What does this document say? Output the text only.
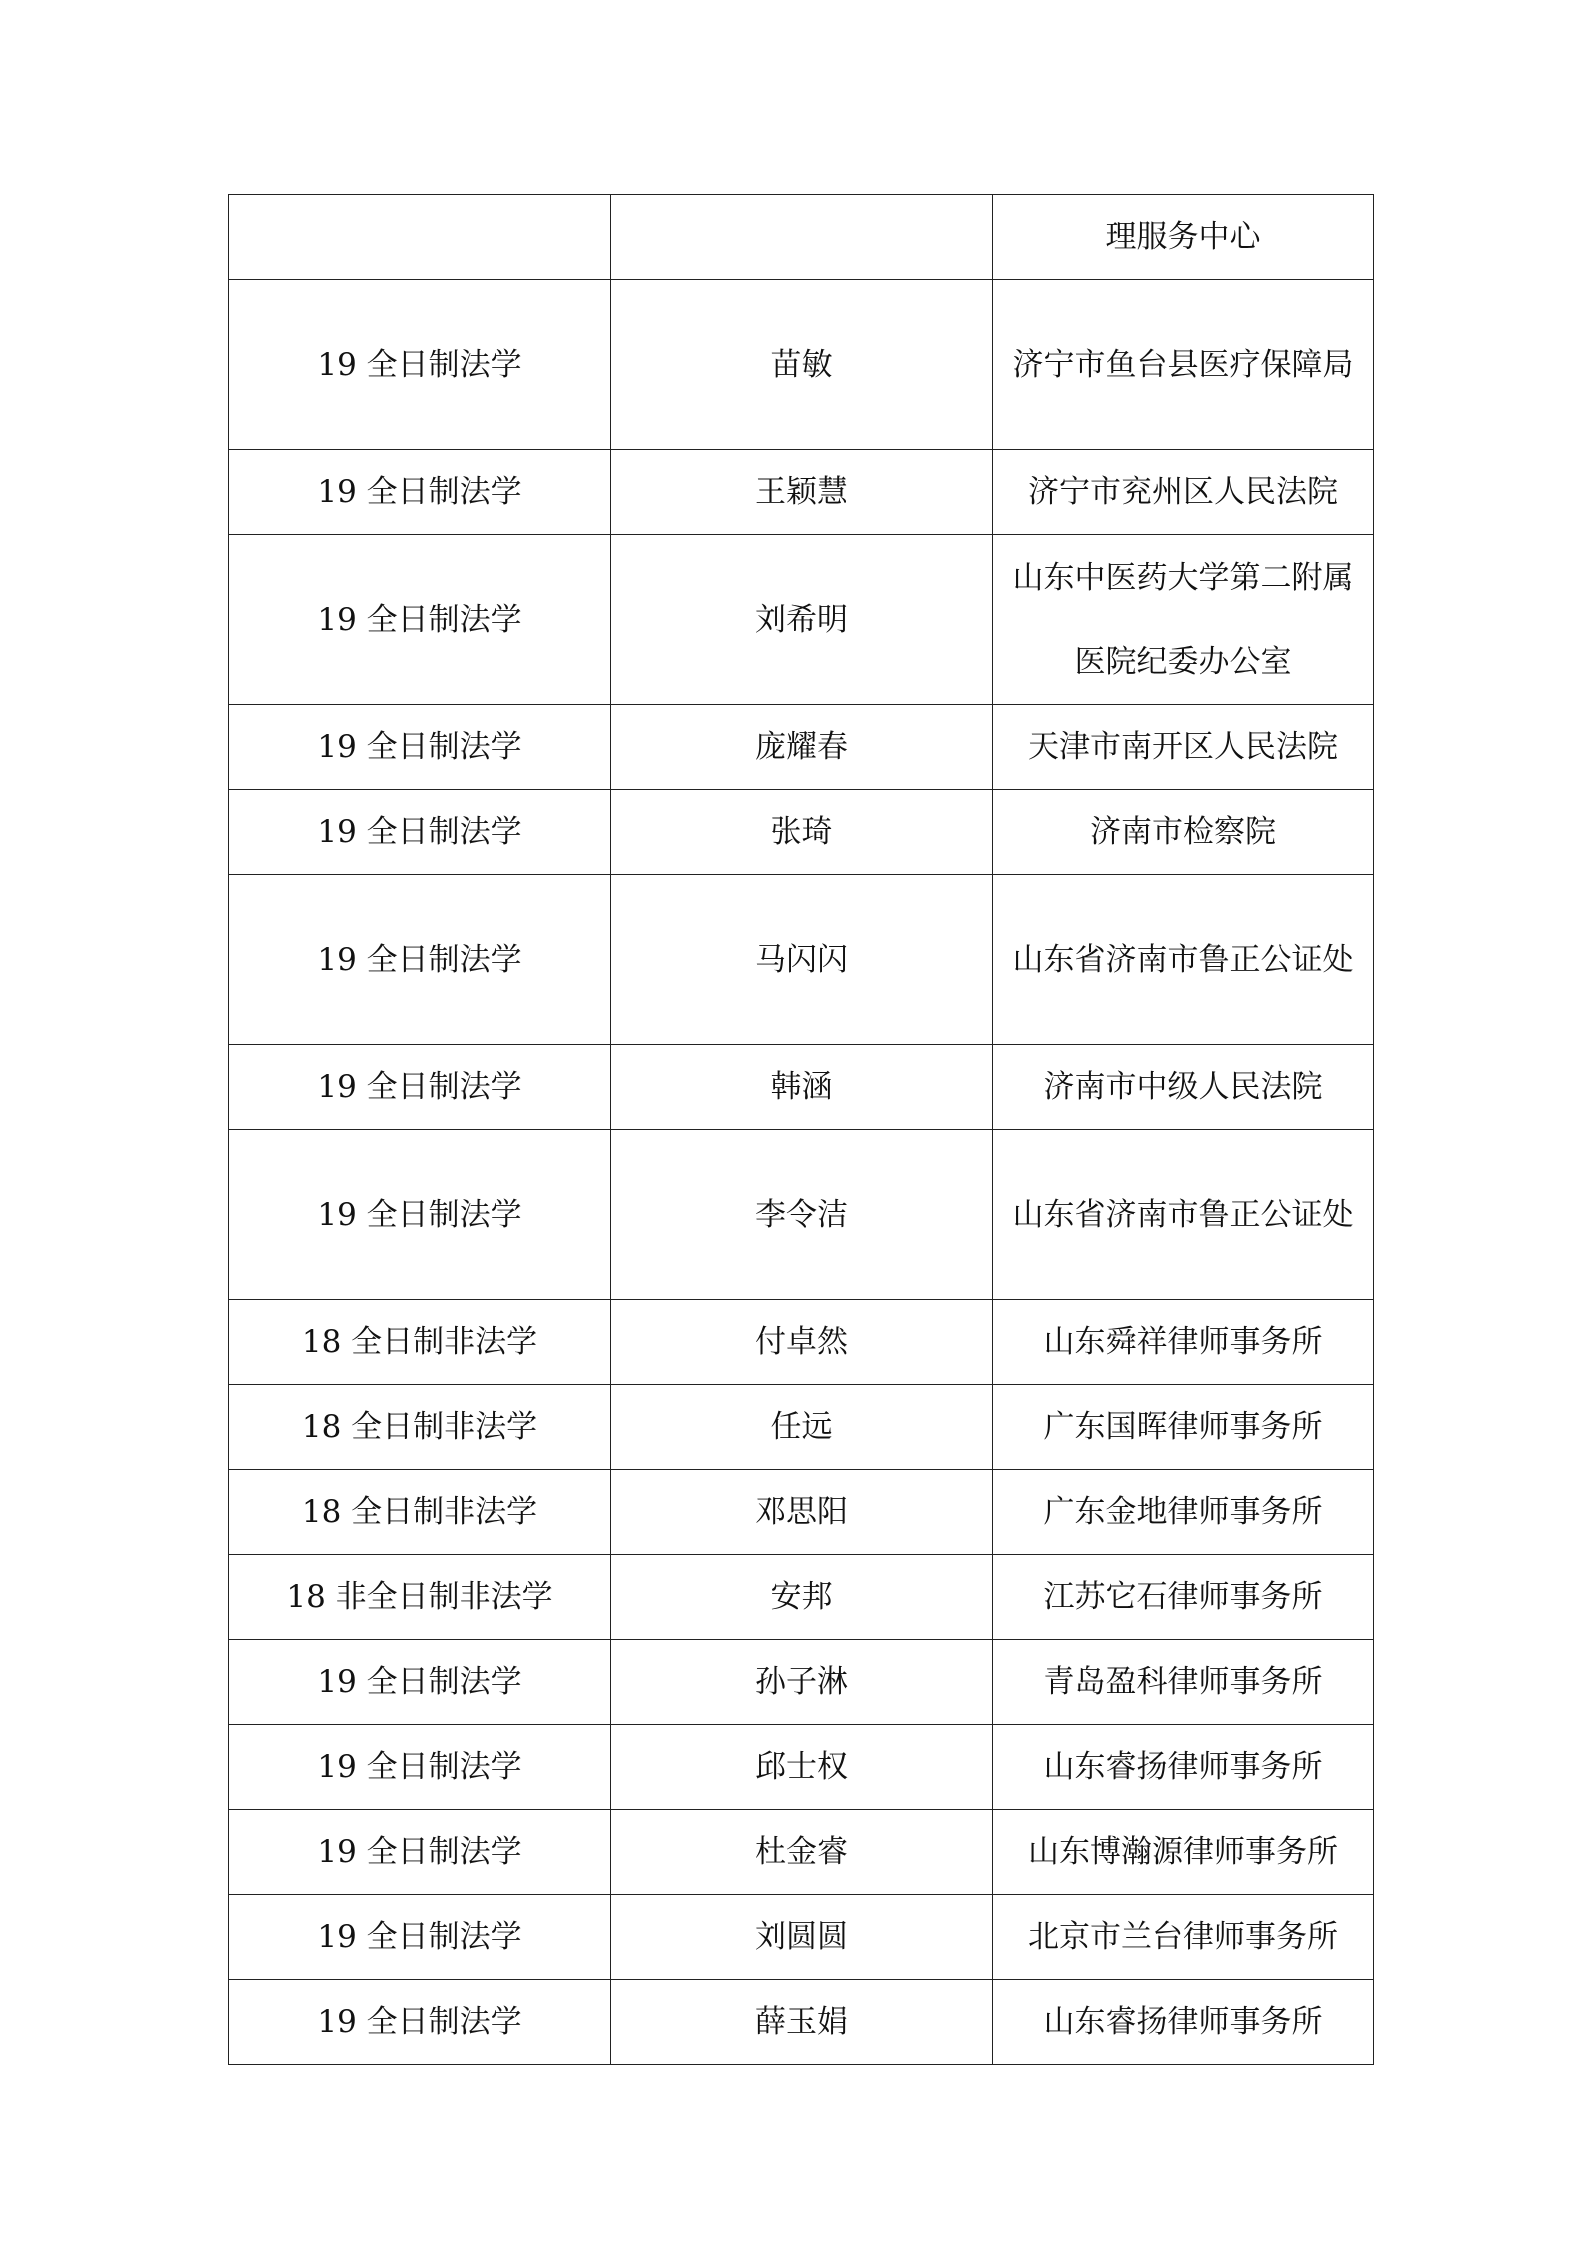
		理服务中心
19 全日制法学	苗敏	济宁市鱼台县医疗保障局
19 全日制法学	王颖慧	济宁市兖州区人民法院
19 全日制法学	刘希明	山东中医药大学第二附属医院纪委办公室
19 全日制法学	庞耀春	天津市南开区人民法院
19 全日制法学	张琦	济南市检察院
19 全日制法学	马闪闪	山东省济南市鲁正公证处
19 全日制法学	韩涵	济南市中级人民法院
19 全日制法学	李令洁	山东省济南市鲁正公证处
18 全日制非法学	付卓然	山东舜祥律师事务所
18 全日制非法学	任远	广东国晖律师事务所
18 全日制非法学	邓思阳	广东金地律师事务所
18 非全日制非法学	安邦	江苏它石律师事务所
19 全日制法学	孙子淋	青岛盈科律师事务所
19 全日制法学	邱士权	山东睿扬律师事务所
19 全日制法学	杜金睿	山东博瀚源律师事务所
19 全日制法学	刘圆圆	北京市兰台律师事务所
19 全日制法学	薛玉娟	山东睿扬律师事务所
